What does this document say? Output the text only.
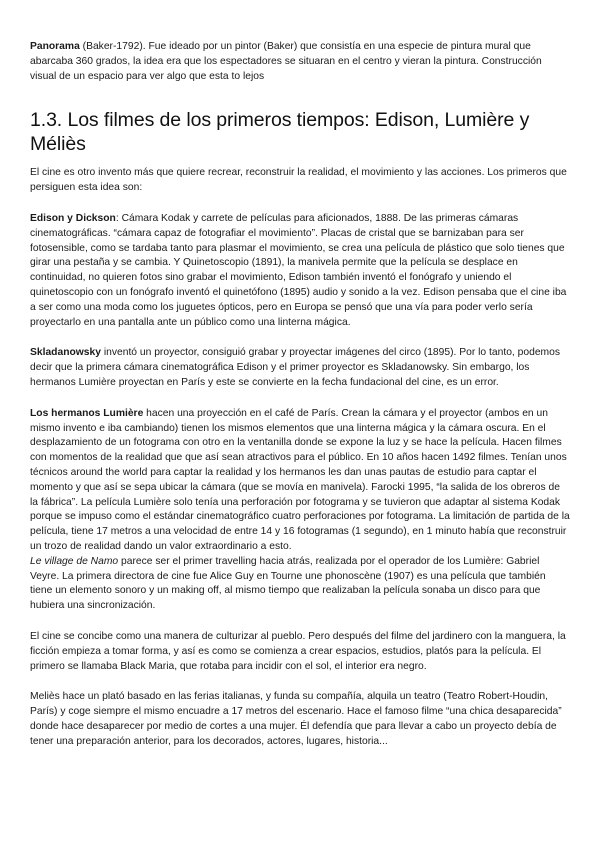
Panorama (Baker-1792). Fue ideado por un pintor (Baker) que consistía en una especie de pintura mural que abarcaba 360 grados, la idea era que los espectadores se situaran en el centro y vieran la pintura. Construcción visual de un espacio para ver algo que esta to lejos

1.3. Los filmes de los primeros tiempos: Edison, Lumière y Méliès

El cine es otro invento más que quiere recrear, reconstruir la realidad, el movimiento y las acciones. Los primeros que persiguen esta idea son:

Edison y Dickson: Cámara Kodak y carrete de películas para aficionados, 1888. De las primeras cámaras cinematográficas. “cámara capaz de fotografiar el movimiento”. Placas de cristal que se barnizaban para ser fotosensible, como se tardaba tanto para plasmar el movimiento, se crea una película de plástico que solo tienes que girar una pestaña y se cambia. Y Quinetoscopio (1891), la manivela permite que la película se desplace en continuidad, no quieren fotos sino grabar el movimiento, Edison también inventó el fonógrafo y uniendo el quinetoscopio con un fonógrafo inventó el quinetófono (1895) audio y sonido a la vez. Edison pensaba que el cine iba a ser como una moda como los juguetes ópticos, pero en Europa se pensó que una vía para poder verlo sería proyectarlo en una pantalla ante un público como una linterna mágica.

Skladanowsky inventó un proyector, consiguió grabar y proyectar imágenes del circo (1895). Por lo tanto, podemos decir que la primera cámara cinematográfica Edison y el primer proyector es Skladanowsky. Sin embargo, los hermanos Lumière proyectan en París y este se convierte en la fecha fundacional del cine, es un error.

Los hermanos Lumière hacen una proyección en el café de París. Crean la cámara y el proyector (ambos en un mismo invento e iba cambiando) tienen los mismos elementos que una linterna mágica y la cámara oscura. En el desplazamiento de un fotograma con otro en la ventanilla donde se expone la luz y se hace la película. Hacen filmes con momentos de la realidad que que así sean atractivos para el público. En 10 años hacen 1492 filmes. Tenían unos técnicos around the world para captar la realidad y los hermanos les dan unas pautas de estudio para captar el momento y que así se sepa ubicar la cámara (que se movía en manivela). Farocki 1995, “la salida de los obreros de la fábrica”. La película Lumière solo tenía una perforación por fotograma y se tuvieron que adaptar al sistema Kodak porque se impuso como el estándar cinematográfico cuatro perforaciones por fotograma. La limitación de partida de la película, tiene 17 metros a una velocidad de entre 14 y 16 fotogramas (1 segundo), en 1 minuto había que reconstruir un trozo de realidad dando un valor extraordinario a esto.

Le village de Namo parece ser el primer travelling hacia atrás, realizada por el operador de los Lumière: Gabriel Veyre. La primera directora de cine fue Alice Guy en Tourne une phonoscène (1907) es una película que también tiene un elemento sonoro y un making off, al mismo tiempo que realizaban la película sonaba un disco para que hubiera una sincronización.

El cine se concibe como una manera de culturizar al pueblo. Pero después del filme del jardinero con la manguera, la ficción empieza a tomar forma, y así es como se comienza a crear espacios, estudios, platós para la película. El primero se llamaba Black Maria, que rotaba para incidir con el sol, el interior era negro.

Meliès hace un plató basado en las ferias italianas, y funda su compañía, alquila un teatro (Teatro Robert-Houdin, París) y coge siempre el mismo encuadre a 17 metros del escenario. Hace el famoso filme “una chica desaparecida” donde hace desaparecer por medio de cortes a una mujer. Él defendía que para llevar a cabo un proyecto debía de tener una preparación anterior, para los decorados, actores, lugares, historia...
